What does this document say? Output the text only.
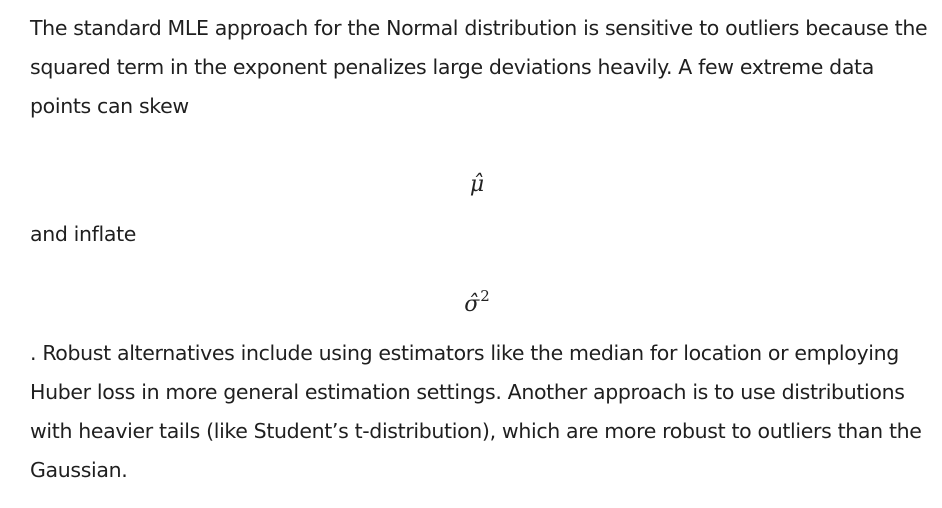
The standard MLE approach for the Normal distribution is sensitive to outliers because the squared term in the exponent penalizes large deviations heavily. A few extreme data points can skew

μ̂

and inflate

σ̂$^2$

. Robust alternatives include using estimators like the median for location or employing Huber loss in more general estimation settings. Another approach is to use distributions with heavier tails (like Student’s t-distribution), which are more robust to outliers than the Gaussian.
